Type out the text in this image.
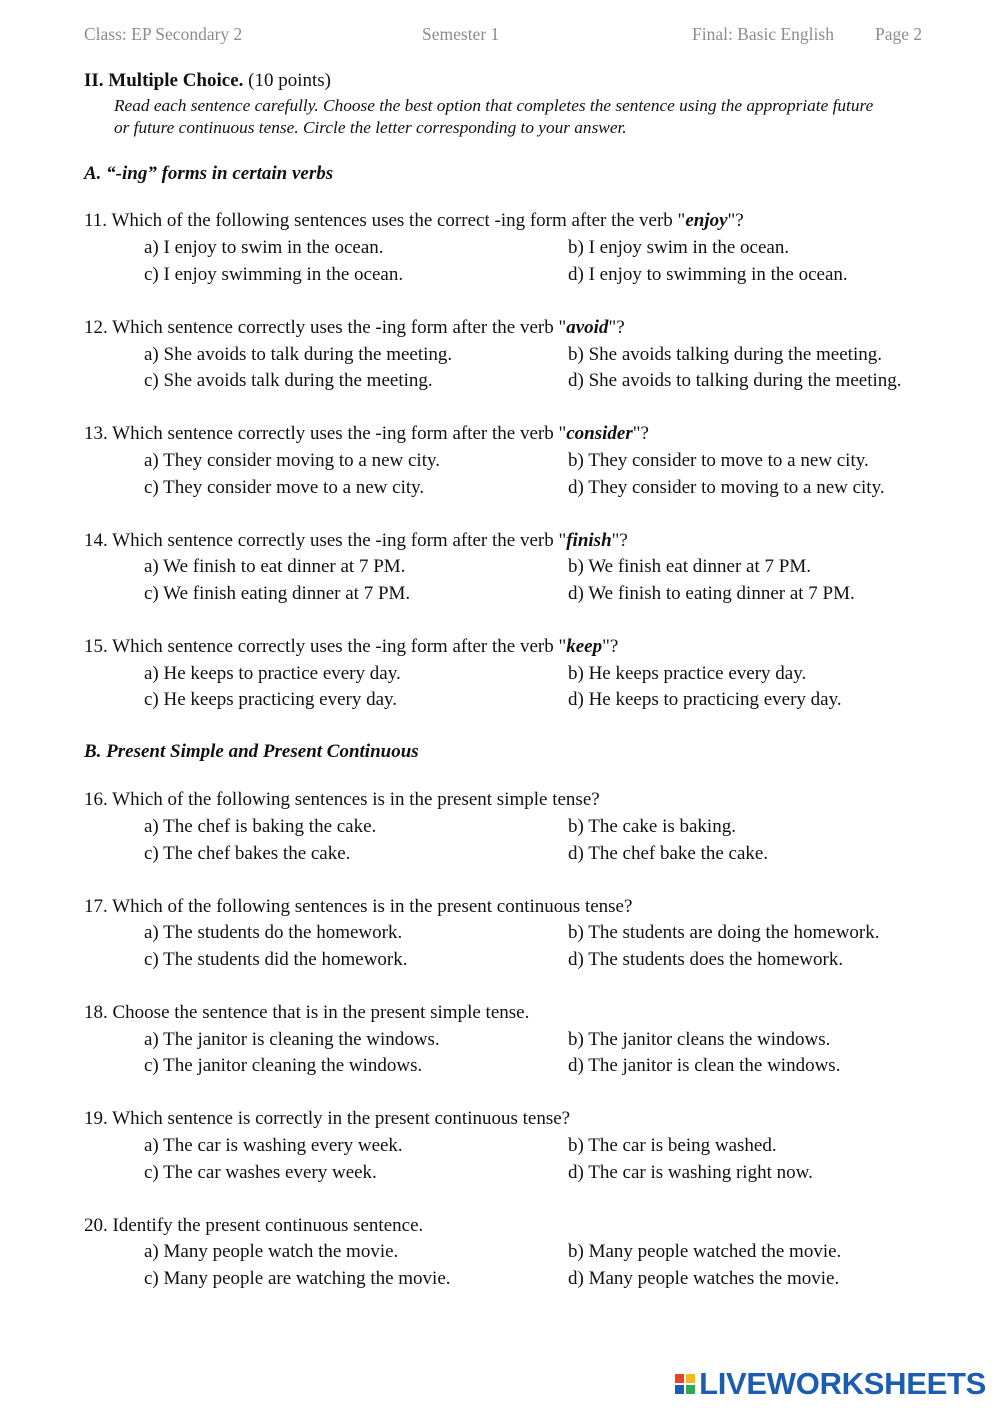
Class: EP Secondary 2	Semester 1	Final: Basic English Page 2

II. Multiple Choice. (10 points)

Read each sentence carefully. Choose the best option that completes the sentence using the appropriate future
or future continuous tense. Circle the letter corresponding to your answer.

A. “-ing” forms in certain verbs

11. Which of the following sentences uses the correct -ing form after the verb "enjoy"?

a) I enjoy to swim in the ocean.	b) I enjoy swim in the ocean.
c) I enjoy swimming in the ocean.	d) I enjoy to swimming in the ocean.

12. Which sentence correctly uses the -ing form after the verb "avoid"?

a) She avoids to talk during the meeting.	b) She avoids talking during the meeting.
c) She avoids talk during the meeting.	d) She avoids to talking during the meeting.

13. Which sentence correctly uses the -ing form after the verb "consider"?

a) They consider moving to a new city.	b) They consider to move to a new city.
c) They consider move to a new city.	d) They consider to moving to a new city.

14. Which sentence correctly uses the -ing form after the verb "finish"?

a) We finish to eat dinner at 7 PM.	b) We finish eat dinner at 7 PM.
c) We finish eating dinner at 7 PM.	d) We finish to eating dinner at 7 PM.

15. Which sentence correctly uses the -ing form after the verb "keep"?

a) He keeps to practice every day.	b) He keeps practice every day.
c) He keeps practicing every day.	d) He keeps to practicing every day.

B. Present Simple and Present Continuous

16. Which of the following sentences is in the present simple tense?

a) The chef is baking the cake.	b) The cake is baking.
c) The chef bakes the cake.	d) The chef bake the cake.

17. Which of the following sentences is in the present continuous tense?

a) The students do the homework.	b) The students are doing the homework.
c) The students did the homework.	d) The students does the homework.

18. Choose the sentence that is in the present simple tense.

a) The janitor is cleaning the windows.	b) The janitor cleans the windows.
c) The janitor cleaning the windows.	d) The janitor is clean the windows.

19. Which sentence is correctly in the present continuous tense?

a) The car is washing every week.	b) The car is being washed.
c) The car washes every week.	d) The car is washing right now.

20. Identify the present continuous sentence.

a) Many people watch the movie.	b) Many people watched the movie.
c) Many people are watching the movie.	d) Many people watches the movie.
LIVEWORKSHEETS
